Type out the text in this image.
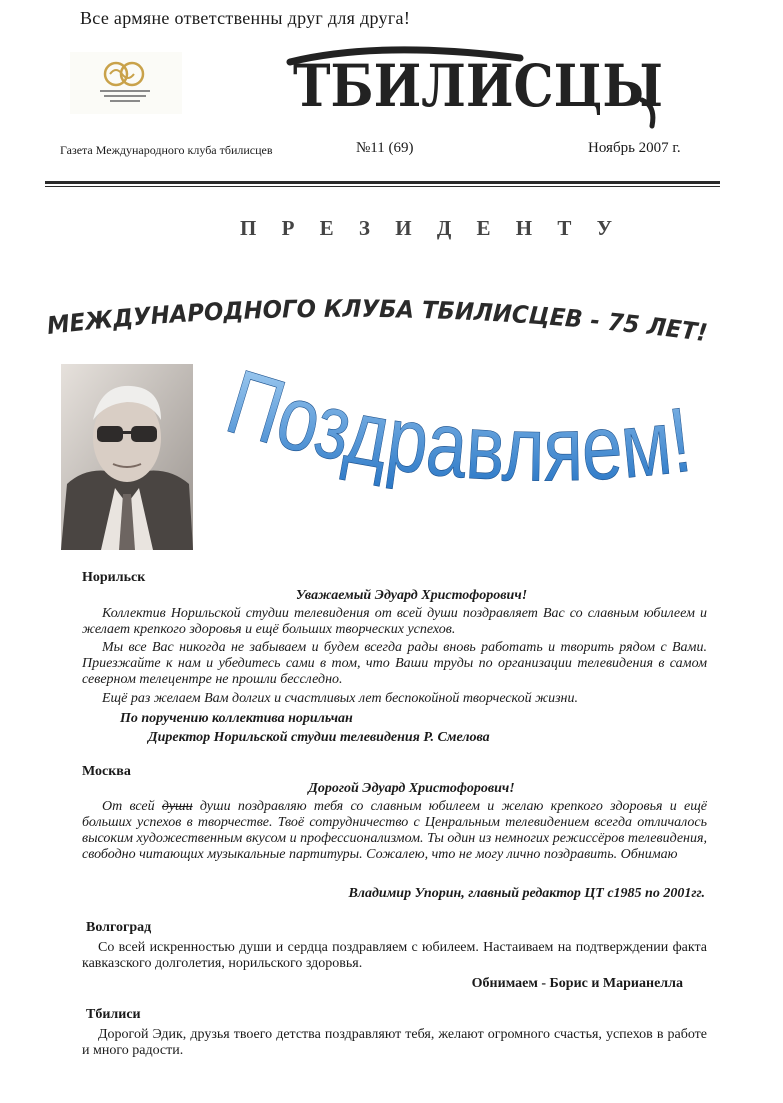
Все армяне ответственны друг для друга!
ТБИЛИСЦЫ
Газета Международного клуба тбилисцев	№11 (69)	Ноябрь 2007 г.
П Р Е З И Д Е Н Т У
МЕЖДУНАРОДНОГО КЛУБА ТБИЛИСЦЕВ - 75 ЛЕТ!
Поздравляем!
Норильск
Уважаемый Эдуард Христофорович!
Коллектив Норильской студии телевидения от всей души поздравляет Вас со славным юбилеем и желает крепкого здоровья и ещё больших творческих успехов.
Мы все Вас никогда не забываем и будем всегда рады вновь работать и творить рядом с Вами. Приезжайте к нам и убедитесь сами в том, что Ваши труды по организации телевидения в самом северном телецентре не прошли бесследно.
Ещё раз желаем Вам долгих и счастливых лет беспокойной творческой жизни.
По поручению коллектива норильчан
Директор Норильской студии телевидения Р. Смелова
Москва
Дорогой Эдуард Христофорович!
От всей души души поздравляю тебя со славным юбилеем и желаю крепкого здоровья и ещё больших успехов в творчестве. Твоё сотрудничество с Ценральным телевидением всегда отличалось высоким художественным вкусом и профессионализмом. Ты один из немногих режиссёров телевидения, свободно читающих музыкальные партитуры. Сожалею, что не могу лично поздравить. Обнимаю
Владимир Упорин, главный редактор ЦТ с1985 по 2001гг.
Волгоград
Со всей искренностью души и сердца поздравляем с юбилеем. Настаиваем на подтверждении факта кавказского долголетия, норильского здоровья.
Обнимаем - Борис и Марианелла
Тбилиси
Дорогой Эдик, друзья твоего детства поздравляют тебя, желают огромного счастья, успехов в работе и много радости.
